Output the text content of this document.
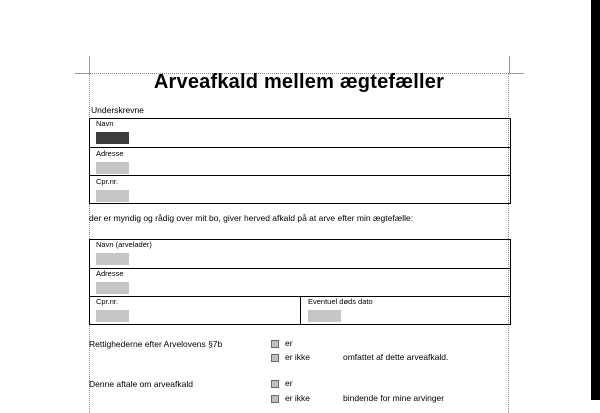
Arveafkald mellem ægtefæller
Underskrevne
Navn
Adresse
Cpr.nr.
der er myndig og rådig over mit bo, giver herved afkald på at arve efter min ægtefælle:
Navn (arvelader)
Adresse
Cpr.nr.	Eventuel døds dato
Rettighederne efter Arvelovens §7b	er
er ikke	omfattet af dette arveafkald.
Denne aftale om arveafkald	er
er ikke	bindende for mine arvinger
